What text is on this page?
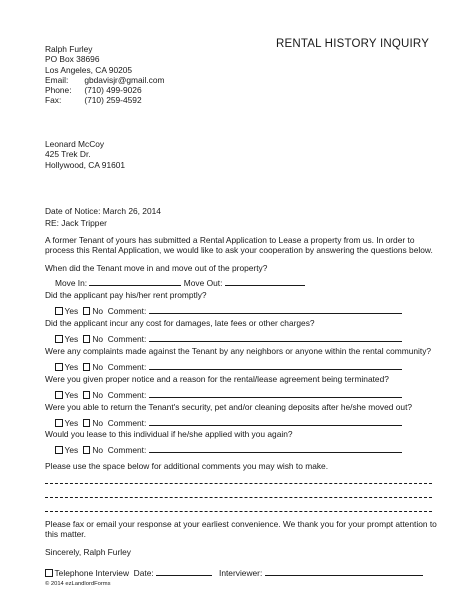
RENTAL HISTORY INQUIRY
Ralph Furley
PO Box 38696
Los Angeles, CA 90205
Email: gbdavisjr@gmail.com
Phone: (710) 499-9026
Fax:	(710) 259-4592
Leonard McCoy
425 Trek Dr.
Hollywood, CA 91601
Date of Notice: March 26, 2014
RE: Jack Tripper
A former Tenant of yours has submitted a Rental Application to Lease a property from us. In order to process this Rental Application, we would like to ask your cooperation by answering the questions below.
When did the Tenant move in and move out of the property?
Move In:	Move Out:
Did the applicant pay his/her rent promptly?
Yes No Comment:
Did the applicant incur any cost for damages, late fees or other charges?
Yes No Comment:
Were any complaints made against the Tenant by any neighbors or anyone within the rental community?
Yes No Comment:
Were you given proper notice and a reason for the rental/lease agreement being terminated?
Yes No Comment:
Were you able to return the Tenant's security, pet and/or cleaning deposits after he/she moved out?
Yes No Comment:
Would you lease to this individual if he/she applied with you again?
Yes No Comment:
Please use the space below for additional comments you may wish to make.
Please fax or email your response at your earliest convenience. We thank you for your prompt attention to this matter.
Sincerely, Ralph Furley
Telephone Interview Date:	Interviewer:
© 2014 ezLandlordForms
